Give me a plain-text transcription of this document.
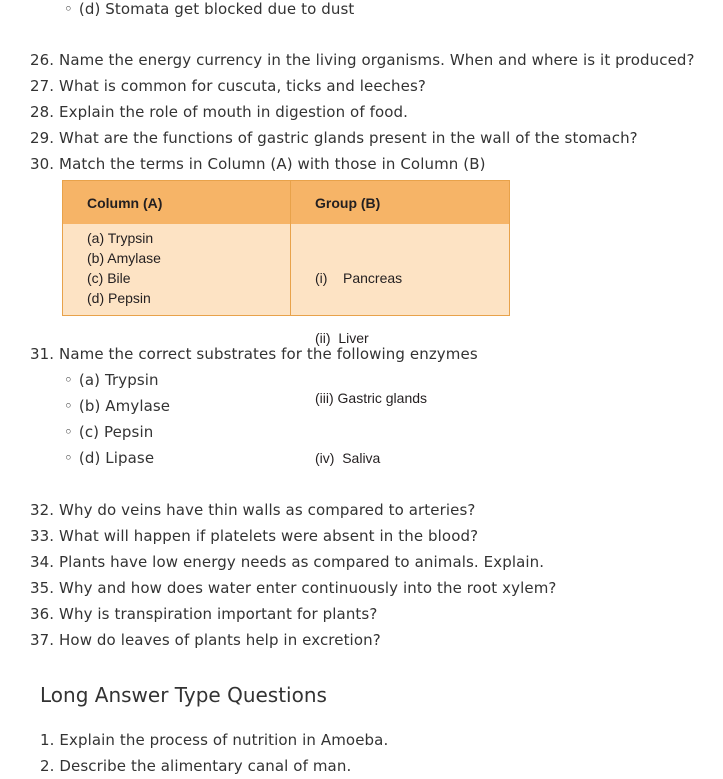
◦ (d) Stomata get blocked due to dust
26. Name the energy currency in the living organisms. When and where is it produced?
27. What is common for cuscuta, ticks and leeches?
28. Explain the role of mouth in digestion of food.
29. What are the functions of gastric glands present in the wall of the stomach?
30. Match the terms in Column (A) with those in Column (B)
Column (A)	Group (B)
(a) Trypsin
(b) Amylase
(c) Bile
(d) Pepsin

(i)    Pancreas

(ii)  Liver

(iii) Gastric glands

(iv)  Saliva

31. Name the correct substrates for the following enzymes
◦ (a) Trypsin
◦ (b) Amylase
◦ (c) Pepsin
◦ (d) Lipase
32. Why do veins have thin walls as compared to arteries?
33. What will happen if platelets were absent in the blood?
34. Plants have low energy needs as compared to animals. Explain.
35. Why and how does water enter continuously into the root xylem?
36. Why is transpiration important for plants?
37. How do leaves of plants help in excretion?
Long Answer Type Questions
1. Explain the process of nutrition in Amoeba.
2. Describe the alimentary canal of man.
